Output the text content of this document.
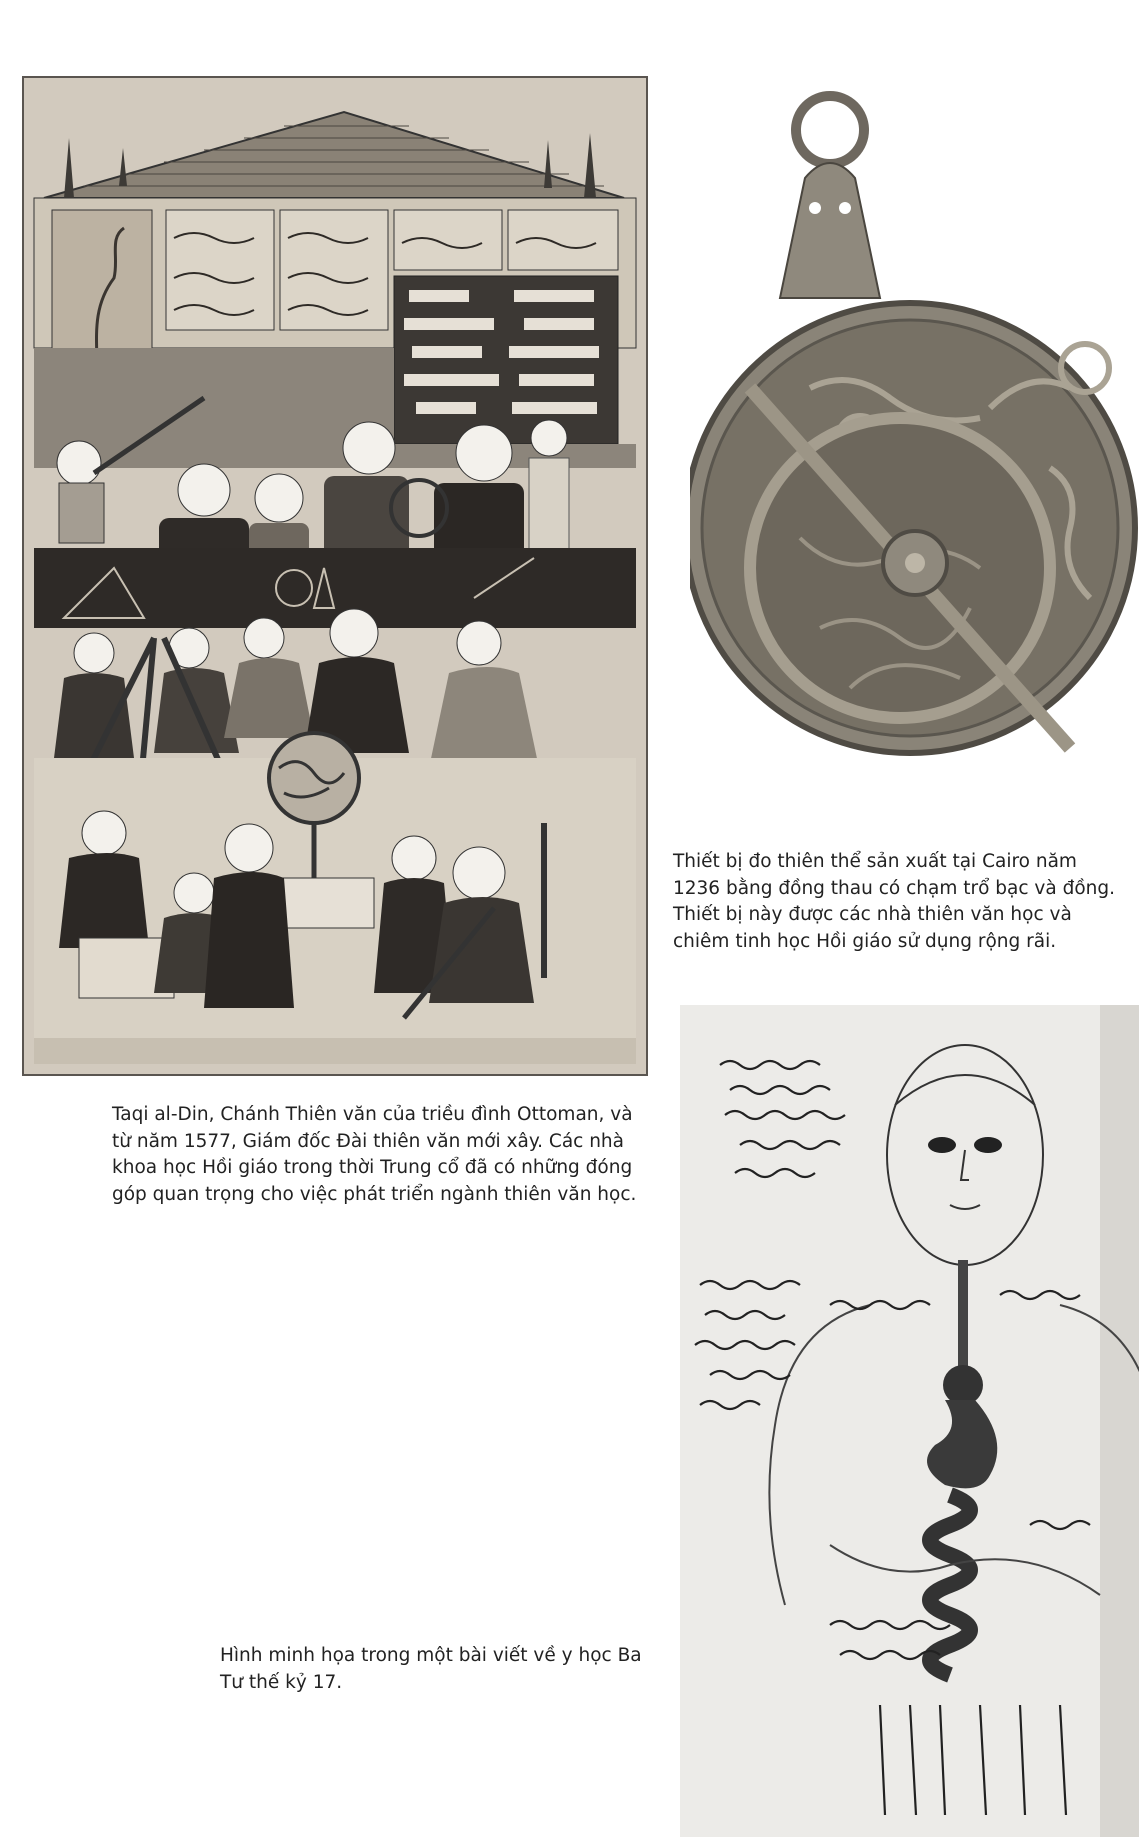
Thiết bị đo thiên thể sản xuất tại Cairo năm 1236 bằng đồng thau có chạm trổ bạc và đồng. Thiết bị này được các nhà thiên văn học và chiêm tinh học Hồi giáo sử dụng rộng rãi.

Taqi al-Din, Chánh Thiên văn của triều đình Ottoman, và từ năm 1577, Giám đốc Đài thiên văn mới xây. Các nhà khoa học Hồi giáo trong thời Trung cổ đã có những đóng góp quan trọng cho việc phát triển ngành thiên văn học.

Hình minh họa trong một bài viết về y học Ba Tư thế kỷ 17.
